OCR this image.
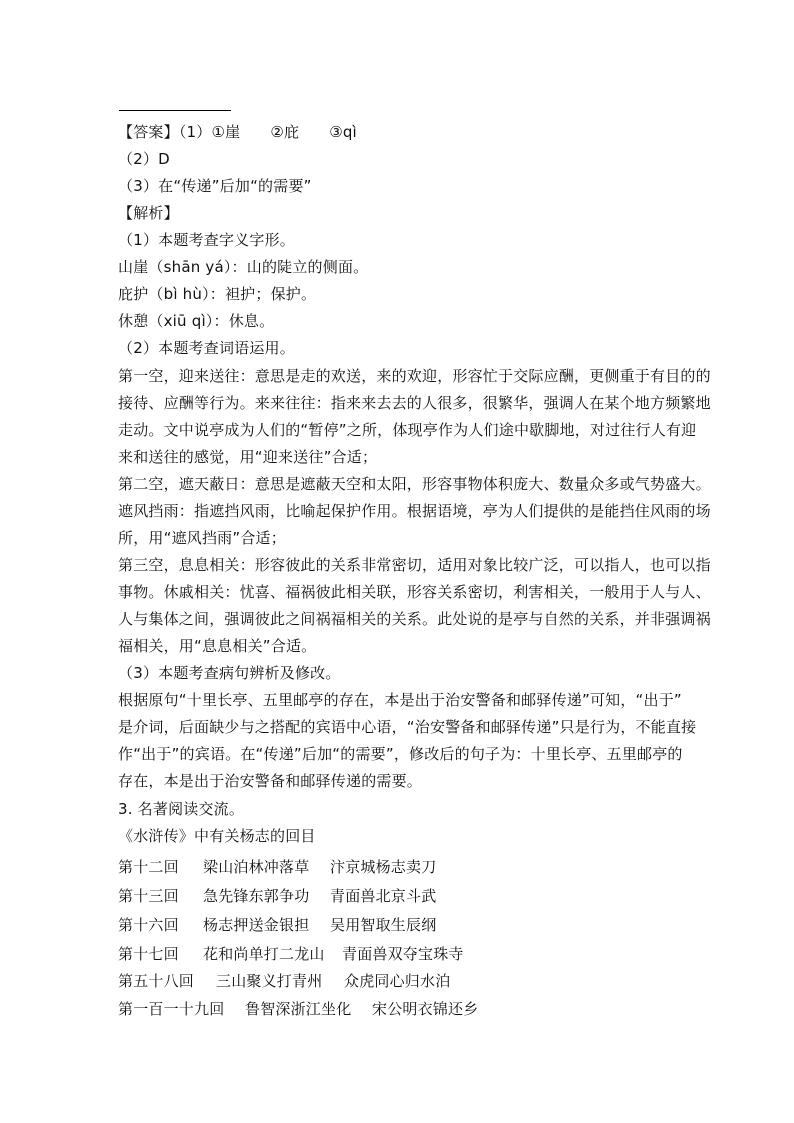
【答案】（1）①崖 ②庇 ③qì
（2）D
（3）在“传递”后加“的需要”
【解析】
（1）本题考查字义字形。
山崖（shān yá）：山的陡立的侧面。
庇护（bì hù）：袒护；保护。
休憩（xiū qì）：休息。
（2）本题考查词语运用。
第一空，迎来送往：意思是走的欢送，来的欢迎，形容忙于交际应酬，更侧重于有目的的
接待、应酬等行为。来来往往：指来来去去的人很多，很繁华，强调人在某个地方频繁地
走动。文中说亭成为人们的“暂停”之所，体现亭作为人们途中歇脚地，对过往行人有迎
来和送往的感觉，用“迎来送往”合适；
第二空，遮天蔽日：意思是遮蔽天空和太阳，形容事物体积庞大、数量众多或气势盛大。
遮风挡雨：指遮挡风雨，比喻起保护作用。根据语境，亭为人们提供的是能挡住风雨的场
所，用“遮风挡雨”合适；
第三空，息息相关：形容彼此的关系非常密切，适用对象比较广泛，可以指人，也可以指
事物。休戚相关：忧喜、福祸彼此相关联，形容关系密切，利害相关，一般用于人与人、
人与集体之间，强调彼此之间祸福相关的关系。此处说的是亭与自然的关系，并非强调祸
福相关，用“息息相关”合适。
（3）本题考查病句辨析及修改。
根据原句“十里长亭、五里邮亭的存在，本是出于治安警备和邮驿传递”可知，“出于”
是介词，后面缺少与之搭配的宾语中心语，“治安警备和邮驿传递”只是行为，不能直接
作“出于”的宾语。在“传递”后加“的需要”，修改后的句子为：十里长亭、五里邮亭的
存在，本是出于治安警备和邮驿传递的需要。
3. 名著阅读交流。
《水浒传》中有关杨志的回目
第十二回 梁山泊林冲落草 汴京城杨志卖刀
第十三回 急先锋东郭争功 青面兽北京斗武
第十六回 杨志押送金银担 吴用智取生辰纲
第十七回 花和尚单打二龙山 青面兽双夺宝珠寺
第五十八回 三山聚义打青州 众虎同心归水泊
第一百一十九回 鲁智深浙江坐化 宋公明衣锦还乡
